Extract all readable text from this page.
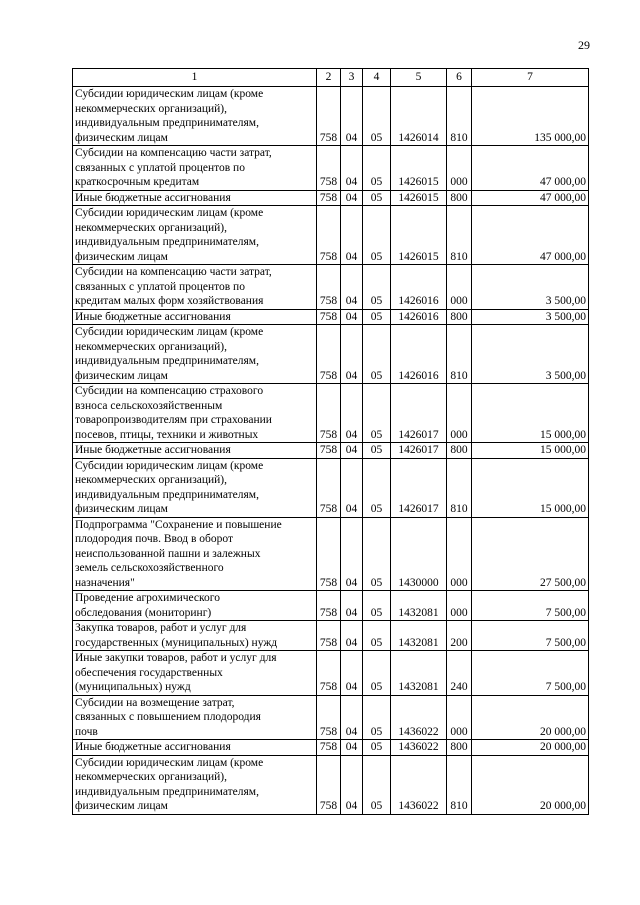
29
1	2	3	4	5	6	7
Субсидии юридическим лицам (кроме
некоммерческих организаций),
индивидуальным предпринимателям,
физическим лицам	758	04	05	1426014	810	135 000,00
Субсидии на компенсацию части затрат,
связанных с уплатой процентов по
краткосрочным кредитам	758	04	05	1426015	000	47 000,00
Иные бюджетные ассигнования	758	04	05	1426015	800	47 000,00
Субсидии юридическим лицам (кроме
некоммерческих организаций),
индивидуальным предпринимателям,
физическим лицам	758	04	05	1426015	810	47 000,00
Субсидии на компенсацию части затрат,
связанных с уплатой процентов по
кредитам малых форм хозяйствования	758	04	05	1426016	000	3 500,00
Иные бюджетные ассигнования	758	04	05	1426016	800	3 500,00
Субсидии юридическим лицам (кроме
некоммерческих организаций),
индивидуальным предпринимателям,
физическим лицам	758	04	05	1426016	810	3 500,00
Субсидии на компенсацию страхового
взноса сельскохозяйственным
товаропроизводителям при страховании
посевов, птицы, техники и животных	758	04	05	1426017	000	15 000,00
Иные бюджетные ассигнования	758	04	05	1426017	800	15 000,00
Субсидии юридическим лицам (кроме
некоммерческих организаций),
индивидуальным предпринимателям,
физическим лицам	758	04	05	1426017	810	15 000,00
Подпрограмма "Сохранение и повышение
плодородия почв. Ввод в оборот
неиспользованной пашни и залежных
земель сельскохозяйственного
назначения"	758	04	05	1430000	000	27 500,00
Проведение агрохимического
обследования (мониторинг)	758	04	05	1432081	000	7 500,00
Закупка товаров, работ и услуг для
государственных (муниципальных) нужд	758	04	05	1432081	200	7 500,00
Иные закупки товаров, работ и услуг для
обеспечения государственных
(муниципальных) нужд	758	04	05	1432081	240	7 500,00
Субсидии на возмещение затрат,
связанных с повышением плодородия
почв	758	04	05	1436022	000	20 000,00
Иные бюджетные ассигнования	758	04	05	1436022	800	20 000,00
Субсидии юридическим лицам (кроме
некоммерческих организаций),
индивидуальным предпринимателям,
физическим лицам	758	04	05	1436022	810	20 000,00
